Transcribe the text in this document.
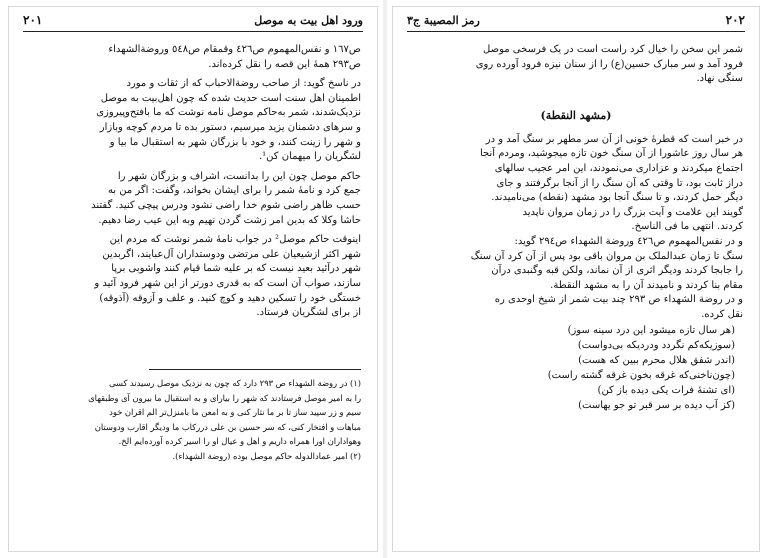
٢٠١	ورود اهل بيت به موصل
ص١٦٧ و نفس‌المهموم ص٤٢٦ وقمقام ص٥٤٨ وروضة‌الشهداء
ص٢٩٣ همهٔ این قصه را نقل کرده‌اند.
در ناسخ گوید: از صاحب روضة‌الاحباب که از ثقات و مورد
اطمینان اهل سنت است حدیث شده که چون اهل‌بیت به موصل
نزدیک‌شدند، شمر به‌حاکم موصل نامه نوشت که ما بافتح‌وپیروزی
و سرهای دشمنان یزید میرسیم، دستور بده تا مردم کوچه وبازار
و شهر را زینت کنند، و خود با بزرگان شهر به استقبال ما بیا و
لشگریان را میهمان کن¹.
حاکم موصل چون این را بدانست، اشراف و بزرگان شهر را
جمع کرد و نامهٔ شمر را برای ایشان بخواند، وگفت: اگر من به
حسب ظاهر راضی شوم خدا راضی نشود ودرس پیچی کنید. گفتند
حاشا وکلا که بدین امر زشت گردن نهیم وبه این عیب رضا دهیم.
اینوقت حاکم موصل² در جواب نامهٔ شمر نوشت که مردم این
شهر اکثر ازشیعیان علی مرتضی ودوستداران آل‌عبایند، اگربدین
شهر درآئید بعید نیست که بر علیه شما قیام کنند واشوبی برپا
سازند، صواب آن است که به قدری دورتر از این شهر فرود آئید و
خستگی خود را تسکین دهید و کوچ کنید. و علف و آزوقه (آذوقه)
از برای لشگریان فرستاد.
(۱) در روضة الشهداء ص ٢٩٣ دارد که چون به نزدیک موصل رسیدند کسی
را به امیر موصل فرستادند که شهر را بیارای و به استقبال ما بیرون آی وطبقهای
سیم و زر سپید ساز تا بر ما نثار کنی و به امعن ما بامنزل‌تر الم اقران خود
مباهات و افتخار کنی، که سر حسین بن علی دررکاب ما ودیگر اقارب ودوستان
وهواداران اورا همراه داریم و اهل و عیال او را اسیر کرده آورده‌ایم الخ.
(۲) امیر عمادالدوله حاکم موصل بوده (روضة الشهداء).
٢٠٢
رمز المصيبة ج٣
شمر این سخن را خیال کرد راست است در یک فرسخی موصل
فرود آمد و سر مبارک حسین(ع) را از سنان نیزه فرود آورده روی
سنگی نهاد.
(مشهد النقطة)
در خبر است که قطرهٔ خونی از آن سر مطهر بر سنگ آمد و در
هر سال روز عاشورا از آن سنگ خون تازه میجوشید، ومردم آنجا
اجتماع میکردند و عزاداری می‌نمودند، این امر عجیب سالهای
دراز ثابت بود، تا وقتی که آن سنگ را از آنجا برگرفتند و جای
دیگر حمل کردند، و تا سنگ آنجا بود مشهد (نقطه) می‌نامیدند.
گویند این علامت و آیت بزرگ را در زمان مروان ناپدید
کردند. انتهی ما فی الناسخ.
و در نفس‌المهموم ص٤٢٦ وروضة الشهداء ص٢٩٤ گوید:
سنگ تا زمان عبدالملک بن مروان باقی بود پس از آن کرد آن سنگ
را جابجا کردند ودیگر اثری از آن نماند، ولکن قبه وگنبدی درآن
مقام بنا کردند و نامیدند آن را به مشهد النقطة.
و در روضة الشهداء ص ٢٩٣ چند بیت شمر از شیخ اوحدی ره
نقل کرده.
(هر سال تازه میشود این درد سینه سوز)
(سوزیکه‌کم نگردد ودردیکه بی‌دواست)
(اندر شفق هلال محرم ببین که هست)
(چون‌ناخنی‌که ‌غرقه‌ بخون ‌غرقه‌ گشته‌ راست)
(ای تشنهٔ فرات یکی دیده باز کن)
(کز آب دیده بر سر قبر تو جو یهاست)
